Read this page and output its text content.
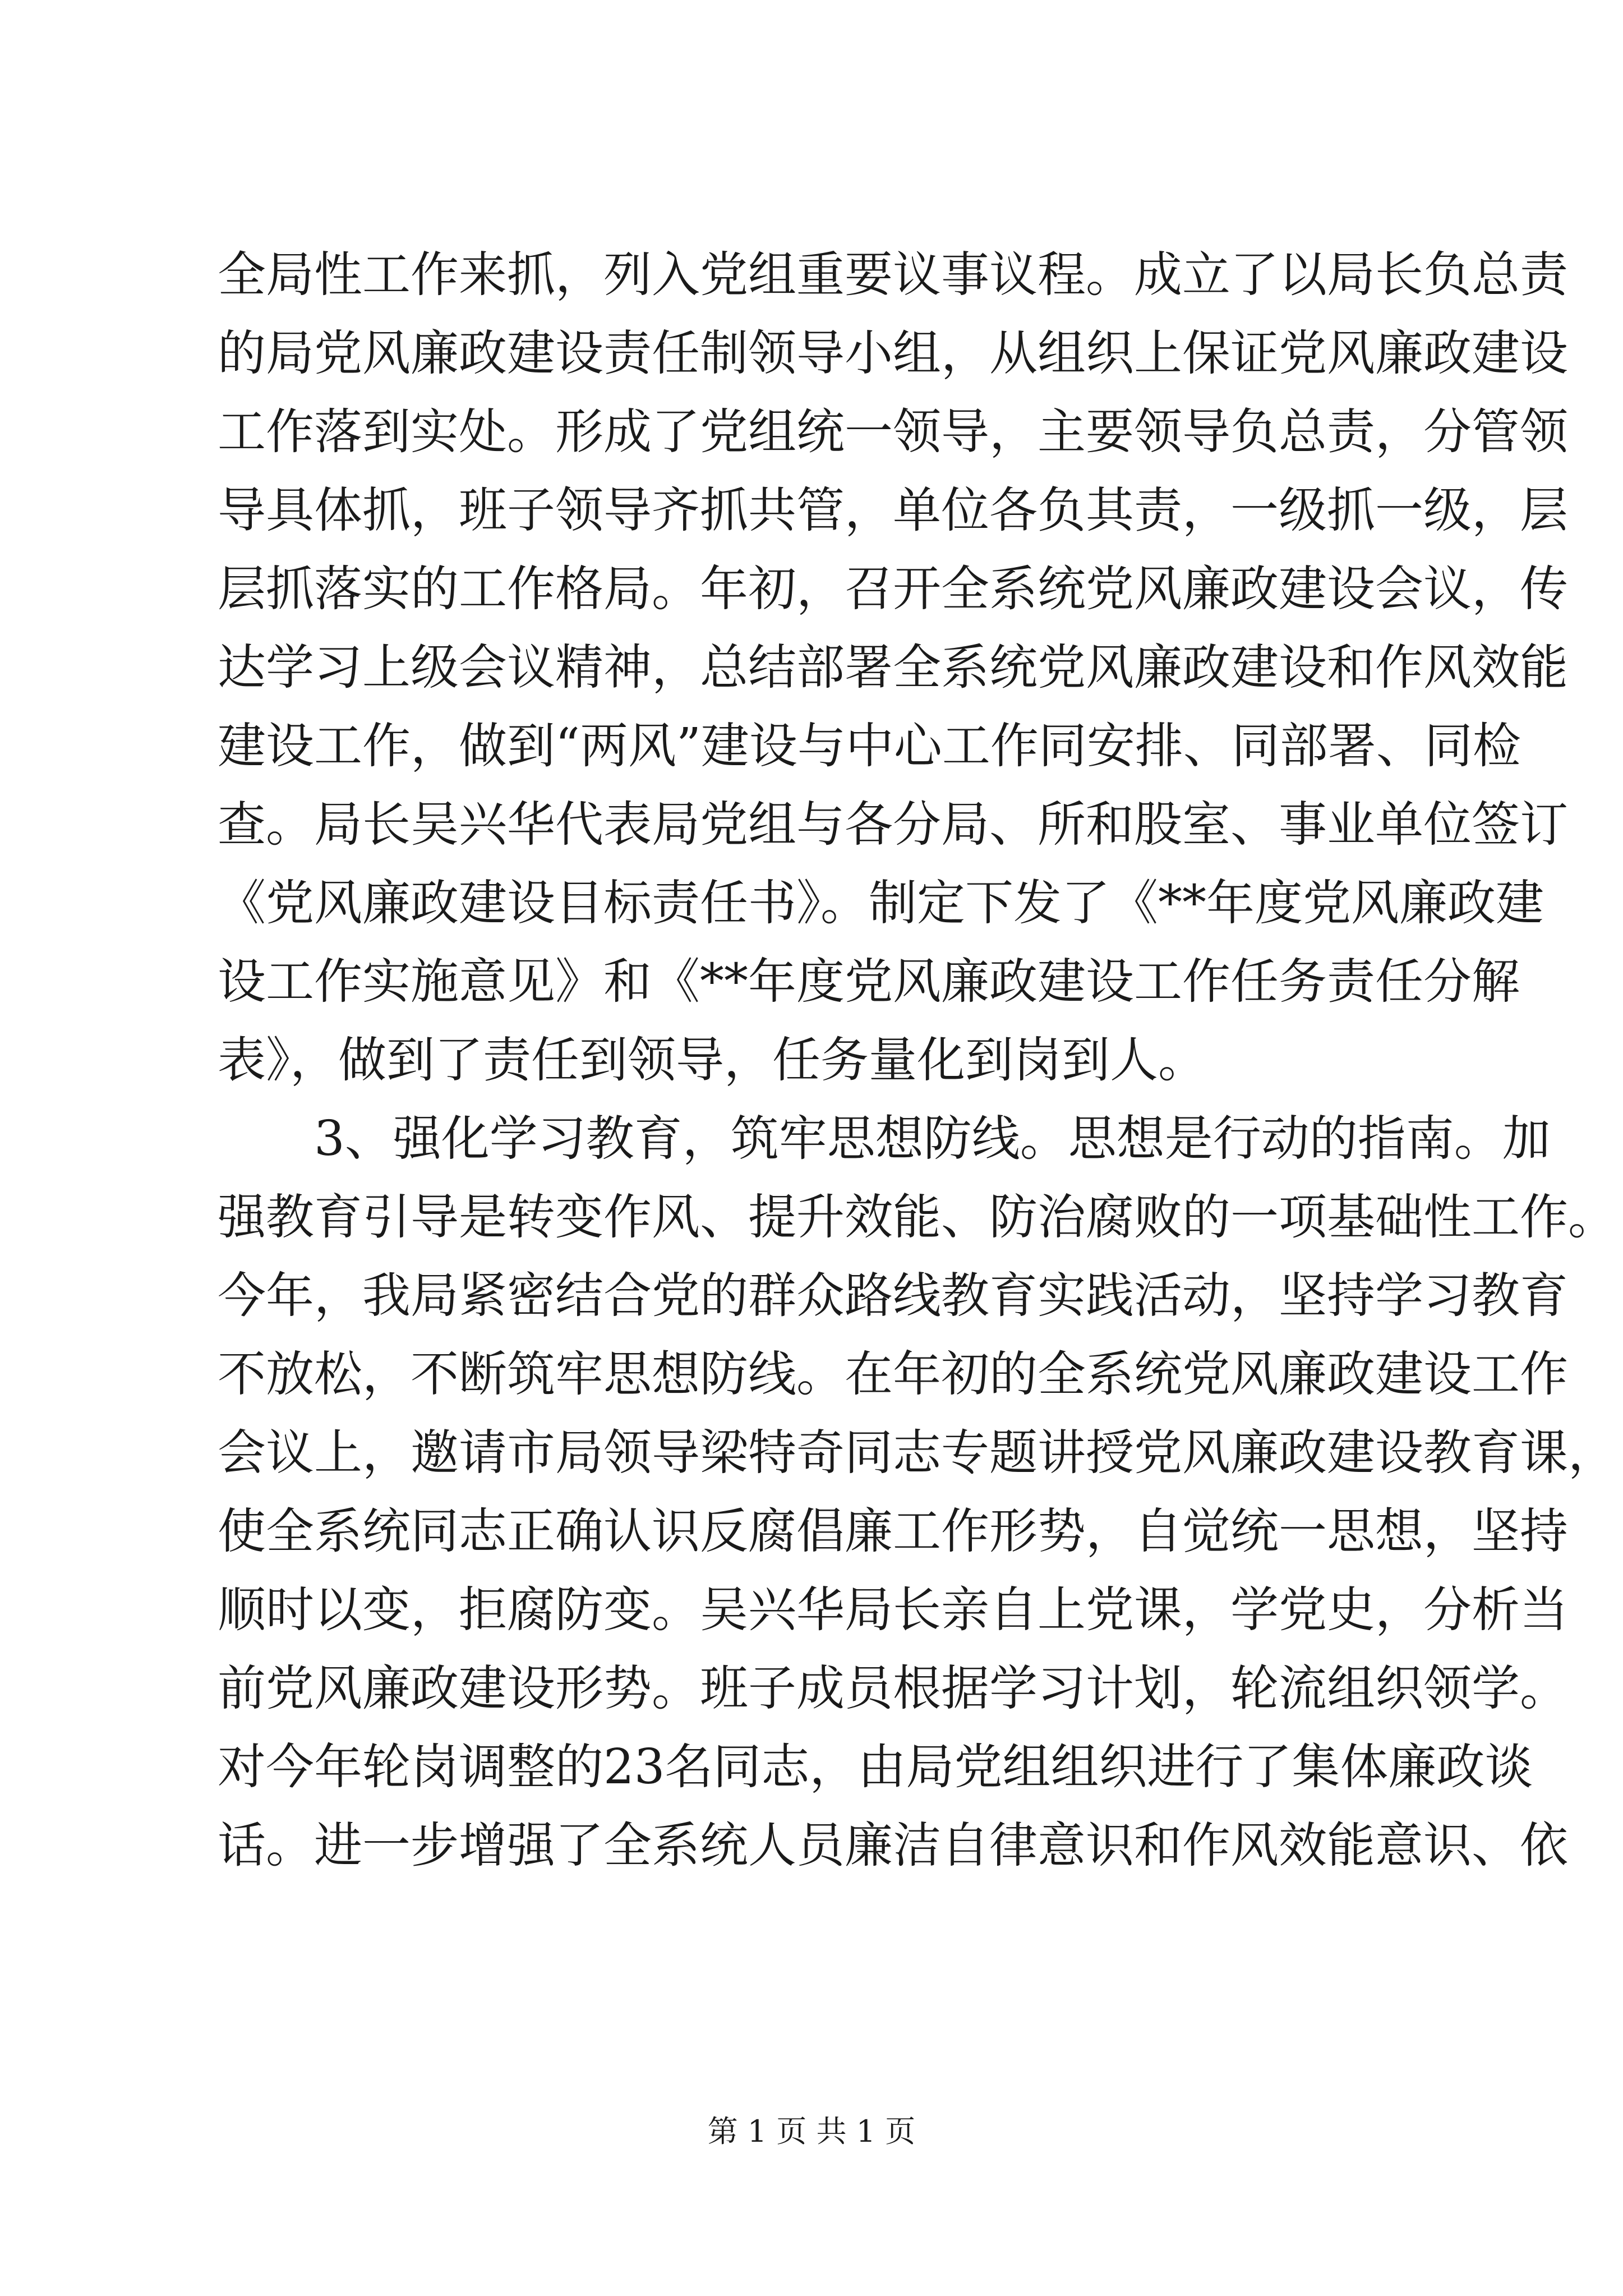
全局性工作来抓，列入党组重要议事议程。成立了以局长负总责
的局党风廉政建设责任制领导小组，从组织上保证党风廉政建设
工作落到实处。形成了党组统一领导，主要领导负总责，分管领
导具体抓，班子领导齐抓共管，单位各负其责，一级抓一级，层
层抓落实的工作格局。年初，召开全系统党风廉政建设会议，传
达学习上级会议精神，总结部署全系统党风廉政建设和作风效能
建设工作，做到“两风”建设与中心工作同安排、同部署、同检
查。局长吴兴华代表局党组与各分局、所和股室、事业单位签订
《党风廉政建设目标责任书》。制定下发了《**年度党风廉政建
设工作实施意见》和《**年度党风廉政建设工作任务责任分解
表》，做到了责任到领导，任务量化到岗到人。
3、强化学习教育，筑牢思想防线。思想是行动的指南。加
强教育引导是转变作风、提升效能、防治腐败的一项基础性工作。
今年，我局紧密结合党的群众路线教育实践活动，坚持学习教育
不放松，不断筑牢思想防线。在年初的全系统党风廉政建设工作
会议上，邀请市局领导梁特奇同志专题讲授党风廉政建设教育课，
使全系统同志正确认识反腐倡廉工作形势，自觉统一思想，坚持
顺时以变，拒腐防变。吴兴华局长亲自上党课，学党史，分析当
前党风廉政建设形势。班子成员根据学习计划，轮流组织领学。
对今年轮岗调整的23名同志，由局党组组织进行了集体廉政谈
话。进一步增强了全系统人员廉洁自律意识和作风效能意识、依
第 1 页 共 1 页
